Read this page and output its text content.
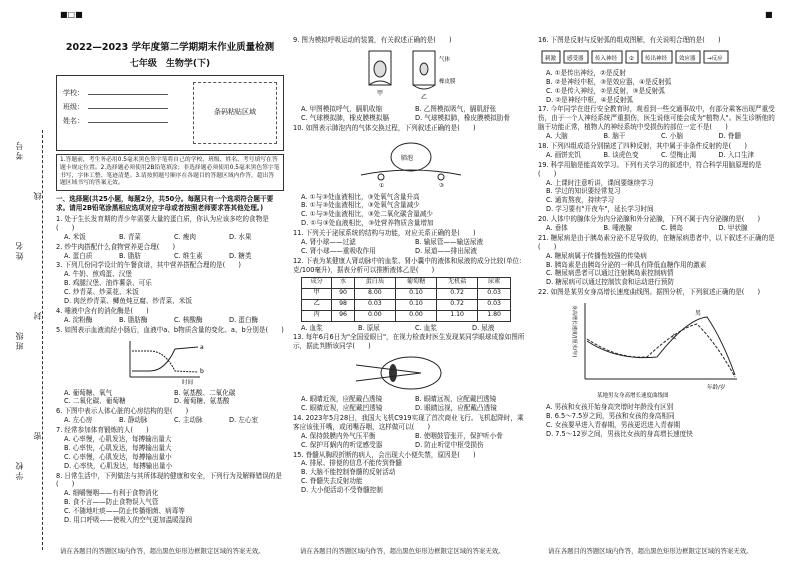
■□■	■
考号
姓名
班级
学校
线
封
密
2022—2023 学年度第二学期期末作业质量检测
七年级　生物学(下)
学校：
班级：
姓名：
条码粘贴区域
1.答题前，考生务必用0.5毫米黑色签字笔将自己的学校、班级、姓名、考号填写在答题卡规定位置。2.选择题必须使用2B铅笔填涂；非选择题必须使用0.5毫米黑色签字笔书写，字体工整、笔迹清楚。3.请按照题号顺序在各题目的答题区域内作答，超出答题区域书写的答案无效。
一、选择题(共25小题，每题2分，共50分。每题只有一个选项符合题干要求。请用2B铅笔涂黑相应选项对应字母或者按照老师要求答其他处理。)
1. 处于生长发育期的青少年需要大量的蛋白质，你认为应该多吃的食物是(　　)
A. 米饭	B. 青菜	C. 瘦肉	D. 水果
2. 炒牛肉搭配什么食物营养更合理(　　)
A. 蛋白质	B. 脂肪	C. 维生素	D. 糖类
3. 下列几份同学设计的午餐食谱，其中营养搭配合理的是(　　)
A. 牛奶、煎鸡蛋、汉堡
B. 鸡腿汉堡、油炸薯条、可乐
C. 炒青菜、炒菜花、米饭
D. 肉丝炒青菜、鲫鱼炖豆腐、炒青菜、米饭
4. 唾液中含有的消化酶是(　　)
A. 淀粉酶	B. 脂肪酶	C. 核酸酶	D. 蛋白酶
5. 如图表示血液流经小肠后，血液中a、b物质含量的变化。a、b分别是(　　)
a
b
时间
A. 葡萄糖、氧气	B. 氨基酸、二氧化碳
C. 二氧化碳、葡萄糖	D. 葡萄糖、氨基酸
6. 下图中表示人体心脏的心房结构的是(　　)
A. 左心房	B. 静动脉	C. 主动脉	D. 左心室
7. 经常参加体育锻炼的人(　　)
A. 心率慢，心肌发达，每搏输出量大
B. 心率快，心肌发达，每搏输出量大
C. 心率慢，心肌发达，每搏输出量小
D. 心率快，心肌发达，每搏输出量小
8. 日常生活中，下列做法与其所体现的健康和安全，下列行为及解释错误的是(　　)
A. 细嚼慢咽——有利于食物消化
B. 食不言——防止食物误入气管
C. 不随地吐痰——防止传播细菌、病毒等
D. 用口呼吸——使吸入的空气更加温暖湿润
9. 图为模拟呼吸运动的装置，有关叙述正确的是(　　)
甲
乙
气体
橡皮膜
A. 甲图模拟呼气，膈肌收缩	B. 乙图模拟吸气，膈肌舒张
C. 气球模拟肺，橡皮膜模拟膈	D. 气球模拟肺，橡皮膜模拟肋骨
10. 如图表示肺泡内的气体交换过程，下列叙述正确的是(　　)
肺泡
①	③
A. ①与③处血液相比，③处氧气含量升高
B. ①与③处血液相比，③处氧气含量减少
C. ①与③处血液相比，③处二氧化碳含量减少
D. ①与③处血液相比，③处营养物质含量增加
11. 下列关于泌尿系统的结构与功能，对应关系正确的是(　　)
A. 肾小球——过滤	B. 输尿管——输送尿液
C. 肾小球——重吸收作用	D. 尿道——排出尿液
12. 下表为某健康人肾动脉中的血浆、肾小囊中的液体和尿液的成分比较(单位:克/100毫升)，据表分析可以推断液体乙是(　　)
成分	水	蛋白质	葡萄糖	无机盐	尿素
甲	90	8.00	0.10	0.72	0.03
乙	98	0.03	0.10	0.72	0.03
丙	96	0.00	0.00	1.10	1.80
A. 血浆	B. 原尿	C. 血浆	D. 尿液
13. 每年6月6日为"全国爱眼日"，在视力检查时医生发现某同学眼球成像如图所示，据此判断该同学(　　)
A. 眼睛近视，应配戴凸透镜	B. 眼睛远视，应配戴凹透镜
C. 眼睛近视，应配戴凹透镜	D. 眼睛远视，应配戴凸透镜
14. 2023年5月28日，我国大飞机C919实现了首次商业飞行。飞机起降时，乘客应该张开嘴，或闭嘴吞咽，这样做可以(　　)
A. 保持鼓膜内外气压平衡	B. 使咽鼓管张开，保护听小骨
C. 保护耳蜗内的听觉感受器	D. 防止听觉中枢受损伤
15. 脊髓从胸段折断的病人，会出现大小便失禁，原因是(　　)
A. 排尿、排便的信息不能传到脊髓
B. 大脑不能控制脊髓的反射活动
C. 脊髓失去反射功能
D. 大小便活动不受脊髓控制
16. 下图是反射与反射弧的组成图解，有关说明合理的是(　　)
刺激 感受器 传入神经 ② 传出神经 效应器 →反应
A. ①是传出神经，②是反射
B. ②是神经中枢，③是效应器，④是反射弧
C. ①是传入神经，②是反射，③是反射弧
D. ②是神经中枢，④是反射弧
17. 今年同学在进行安全教育时，观看到一些交通事故中，有部分乘客出现严重受伤，由于一个人神经系统严重损伤，医生说他可能会成为"植物人"。医生诊断他的脑干功能正常，植物人的神经系统中受损伤的部位一定不是(　　)
A. 大脑	B. 脑干	C. 小脑	D. 脊髓
18. 下列四组成语分别描述了四种反射，其中属于非条件反射的是(　　)
A. 画饼充饥	B. 谈虎色变	C. 望梅止渴	D. 入口生津
19. 科学用脑是能高效学习。下列有关学习的叙述中，符合科学用脑原理的是(　　)
A. 上课时注意听讲，课间要继续学习
B. 学过的知识要经常复习
C. 通宵熬夜，持续学习
D. 学习要有"开夜车"，延长学习时间
20. 人体中的腺体分为内分泌腺和外分泌腺，下列不属于内分泌腺的是(　　)
A. 垂体	B. 唾液腺	C. 胰岛	D. 甲状腺
21. 糖尿病是由于胰岛素分泌不足导致的，在糖尿病患者中，以下叙述不正确的是(　　)
A. 糖尿病属于传播性较强的传染病
B. 胰岛素是由胰岛分泌的一种具有降低血糖作用的激素
C. 糖尿病患者可以通过注射胰岛素控制病情
D. 糖尿病可以通过控制饮食和运动进行预防
22. 如图是某男女身高增长速度曲线图。据图分析，下列叙述正确的是(　　)
男
女
年龄/岁
身高增长速度/(厘米/年)
某地男女身高增长速度曲线图
A. 男孩和女孩开始身高突增时年龄没有区别
B. 6.5～7.5岁之间，男孩和女孩的身高相同
C. 女孩要早进入青春期，男孩更迟进入青春期
D. 7.5～12岁之间，男孩比女孩的身高增长速度快
请在各题目的答题区域内作答，超出黑色矩形边框限定区域的答案无效。	请在各题目的答题区域内作答，超出黑色矩形边框限定区域的答案无效。	请在各题目的答题区域内作答，超出黑色矩形边框限定区域的答案无效。
